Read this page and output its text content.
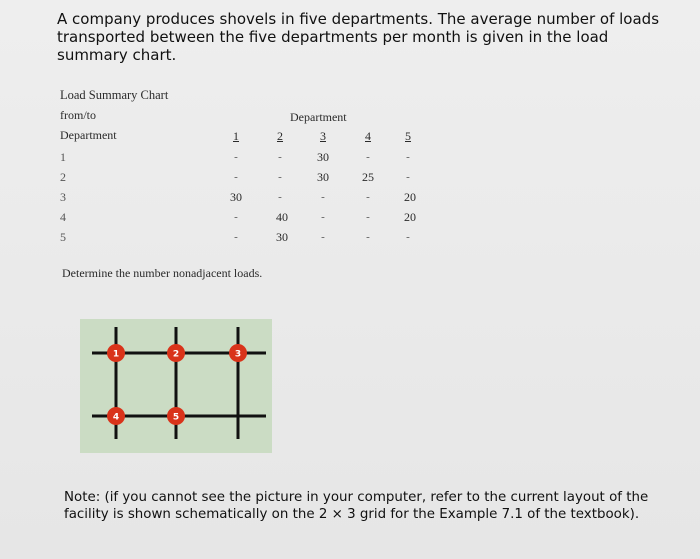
A company produces shovels in five departments. The average number of loads transported between the five departments per month is given in the load summary chart.
Load Summary Chart
from/to
Department
Department
1	2	3	4	5
1	-	-	30	-	-
2	-	-	30	25	-
3	30	-	-	-	20
4	-	40	-	-	20
5	-	30	-	-	-
Determine the number nonadjacent loads.
1	2	3
4	5
Note: (if you cannot see the picture in your computer, refer to the current layout of the facility is shown schematically on the 2 × 3 grid for the Example 7.1 of the textbook).
